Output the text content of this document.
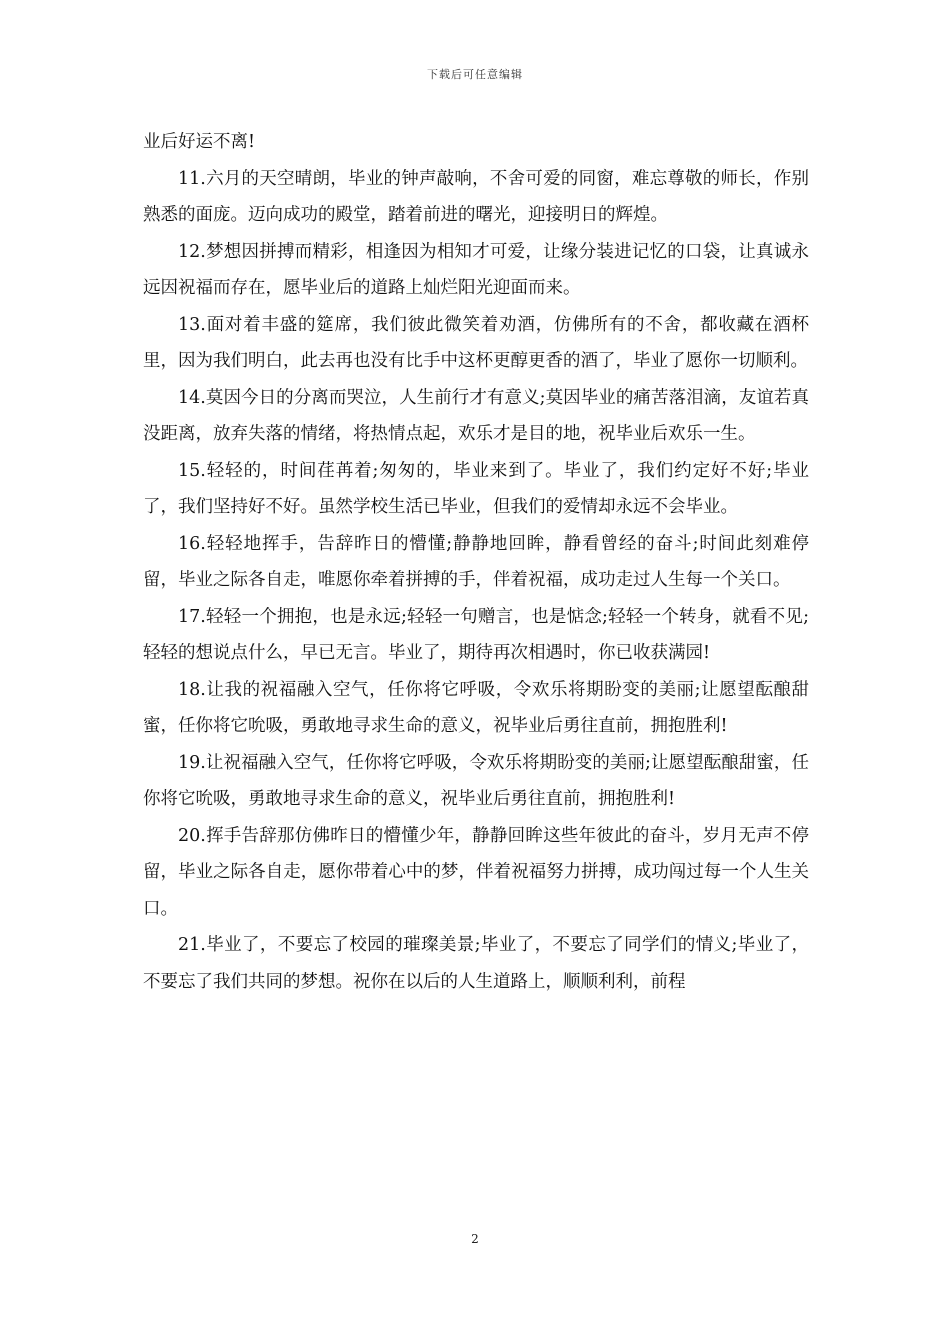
下载后可任意编辑

业后好运不离!

11.六月的天空晴朗，毕业的钟声敲响，不舍可爱的同窗，难忘尊敬的师长，作别熟悉的面庞。迈向成功的殿堂，踏着前进的曙光，迎接明日的辉煌。

12.梦想因拼搏而精彩，相逢因为相知才可爱，让缘分装进记忆的口袋，让真诚永远因祝福而存在，愿毕业后的道路上灿烂阳光迎面而来。

13.面对着丰盛的筵席，我们彼此微笑着劝酒，仿佛所有的不舍，都收藏在酒杯里，因为我们明白，此去再也没有比手中这杯更醇更香的酒了，毕业了愿你一切顺利。

14.莫因今日的分离而哭泣，人生前行才有意义;莫因毕业的痛苦落泪滴，友谊若真没距离，放弃失落的情绪，将热情点起，欢乐才是目的地，祝毕业后欢乐一生。

15.轻轻的，时间荏苒着;匆匆的，毕业来到了。毕业了，我们约定好不好;毕业了，我们坚持好不好。虽然学校生活已毕业，但我们的爱情却永远不会毕业。

16.轻轻地挥手，告辞昨日的懵懂;静静地回眸，静看曾经的奋斗;时间此刻难停留，毕业之际各自走，唯愿你牵着拼搏的手，伴着祝福，成功走过人生每一个关口。

17.轻轻一个拥抱，也是永远;轻轻一句赠言，也是惦念;轻轻一个转身，就看不见;轻轻的想说点什么，早已无言。毕业了，期待再次相遇时，你已收获满园!

18.让我的祝福融入空气，任你将它呼吸，令欢乐将期盼变的美丽;让愿望酝酿甜蜜，任你将它吮吸，勇敢地寻求生命的意义，祝毕业后勇往直前，拥抱胜利!

19.让祝福融入空气，任你将它呼吸，令欢乐将期盼变的美丽;让愿望酝酿甜蜜，任你将它吮吸，勇敢地寻求生命的意义，祝毕业后勇往直前，拥抱胜利!

20.挥手告辞那仿佛昨日的懵懂少年，静静回眸这些年彼此的奋斗，岁月无声不停留，毕业之际各自走，愿你带着心中的梦，伴着祝福努力拼搏，成功闯过每一个人生关口。

21.毕业了，不要忘了校园的璀璨美景;毕业了，不要忘了同学们的情义;毕业了，不要忘了我们共同的梦想。祝你在以后的人生道路上，顺顺利利，前程

2
